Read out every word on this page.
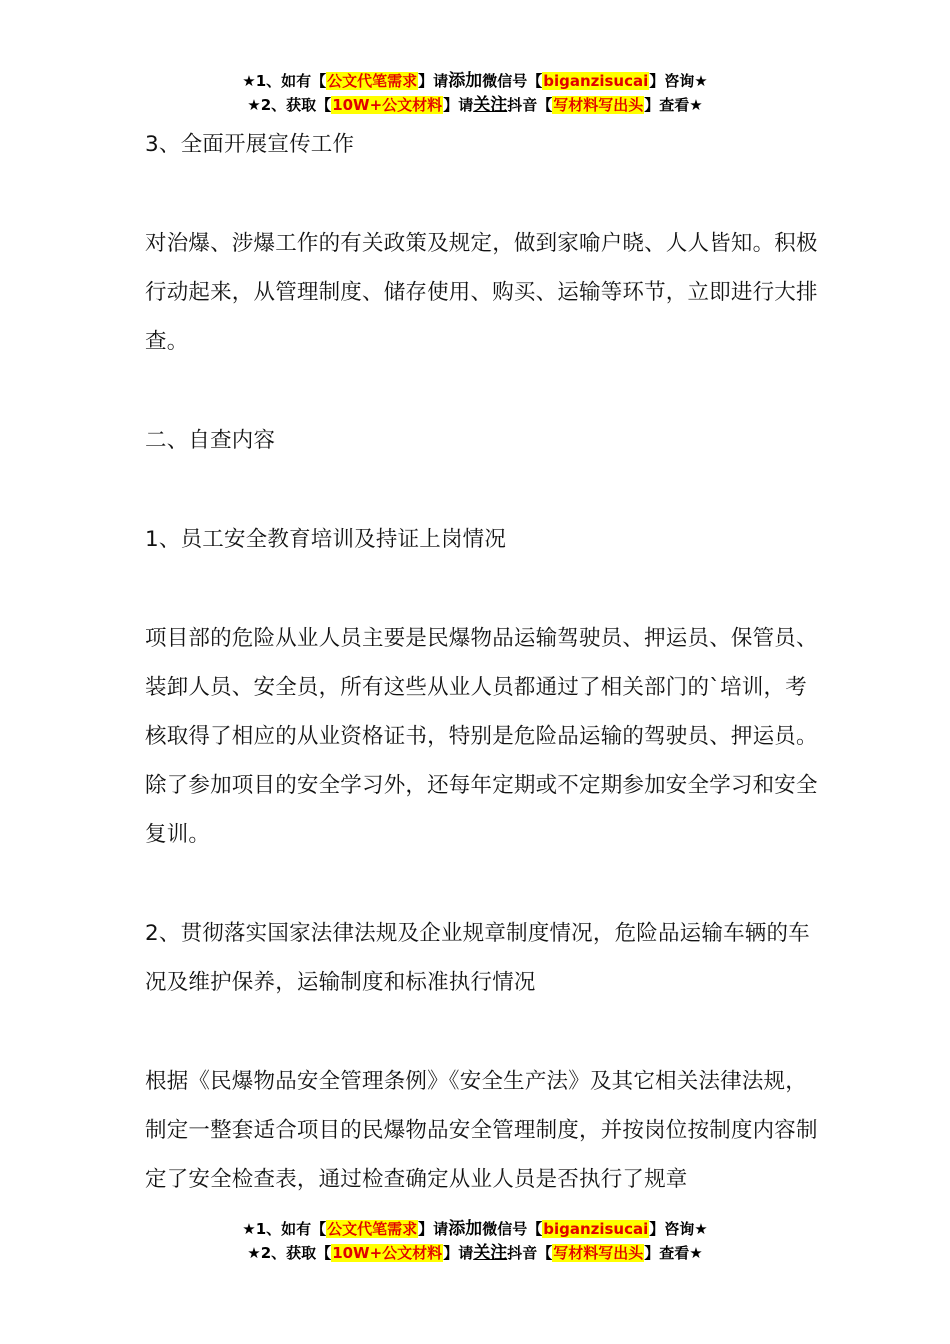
★1、如有【公文代笔需求】请添加微信号【biganzisucai】咨询★
★2、获取【10W+公文材料】请关注抖音【写材料写出头】查看★

3、全面开展宣传工作

对治爆、涉爆工作的有关政策及规定，做到家喻户晓、人人皆知。积极行动起来，从管理制度、储存使用、购买、运输等环节，立即进行大排查。

二、自查内容

1、员工安全教育培训及持证上岗情况

项目部的危险从业人员主要是民爆物品运输驾驶员、押运员、保管员、装卸人员、安全员，所有这些从业人员都通过了相关部门的`培训，考核取得了相应的从业资格证书，特别是危险品运输的驾驶员、押运员。除了参加项目的安全学习外，还每年定期或不定期参加安全学习和安全复训。

2、贯彻落实国家法律法规及企业规章制度情况，危险品运输车辆的车况及维护保养，运输制度和标准执行情况

根据《民爆物品安全管理条例》《安全生产法》及其它相关法律法规，制定一整套适合项目的民爆物品安全管理制度，并按岗位按制度内容制定了安全检查表，通过检查确定从业人员是否执行了规章

★1、如有【公文代笔需求】请添加微信号【biganzisucai】咨询★
★2、获取【10W+公文材料】请关注抖音【写材料写出头】查看★
